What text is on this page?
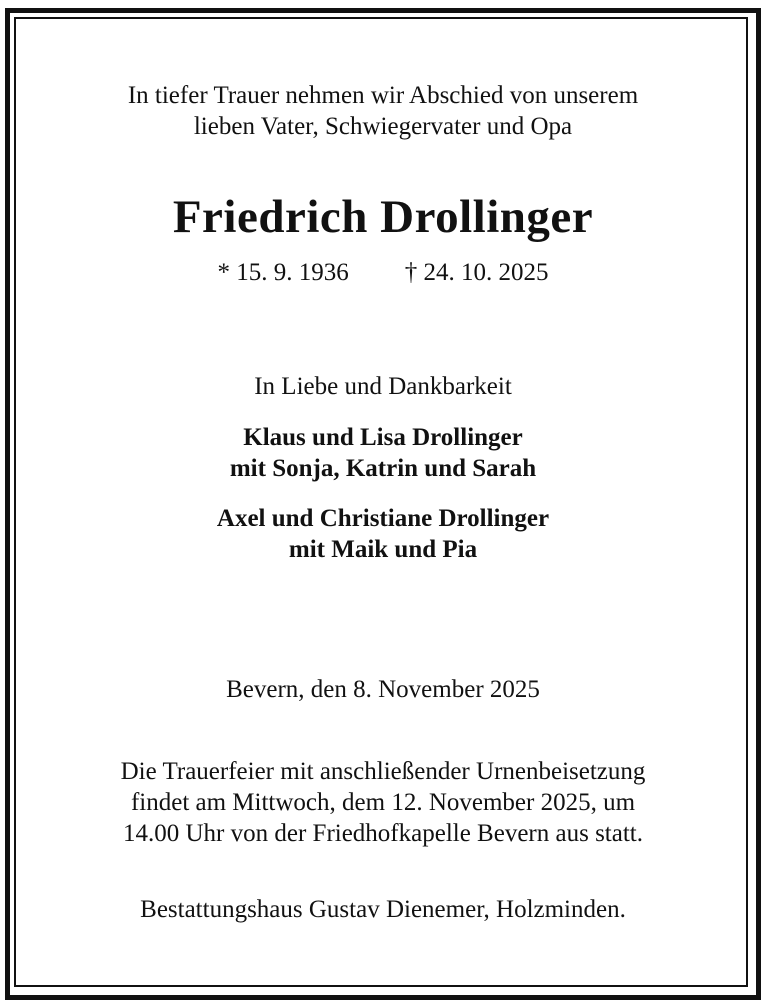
In tiefer Trauer nehmen wir Abschied von unserem
lieben Vater, Schwiegervater und Opa
Friedrich Drollinger
* 15. 9. 1936 † 24. 10. 2025
In Liebe und Dankbarkeit
Klaus und Lisa Drollinger
mit Sonja, Katrin und Sarah
Axel und Christiane Drollinger
mit Maik und Pia
Bevern, den 8. November 2025
Die Trauerfeier mit anschließender Urnenbeisetzung
findet am Mittwoch, dem 12. November 2025, um
14.00 Uhr von der Friedhofkapelle Bevern aus statt.
Bestattungshaus Gustav Dienemer, Holzminden.
